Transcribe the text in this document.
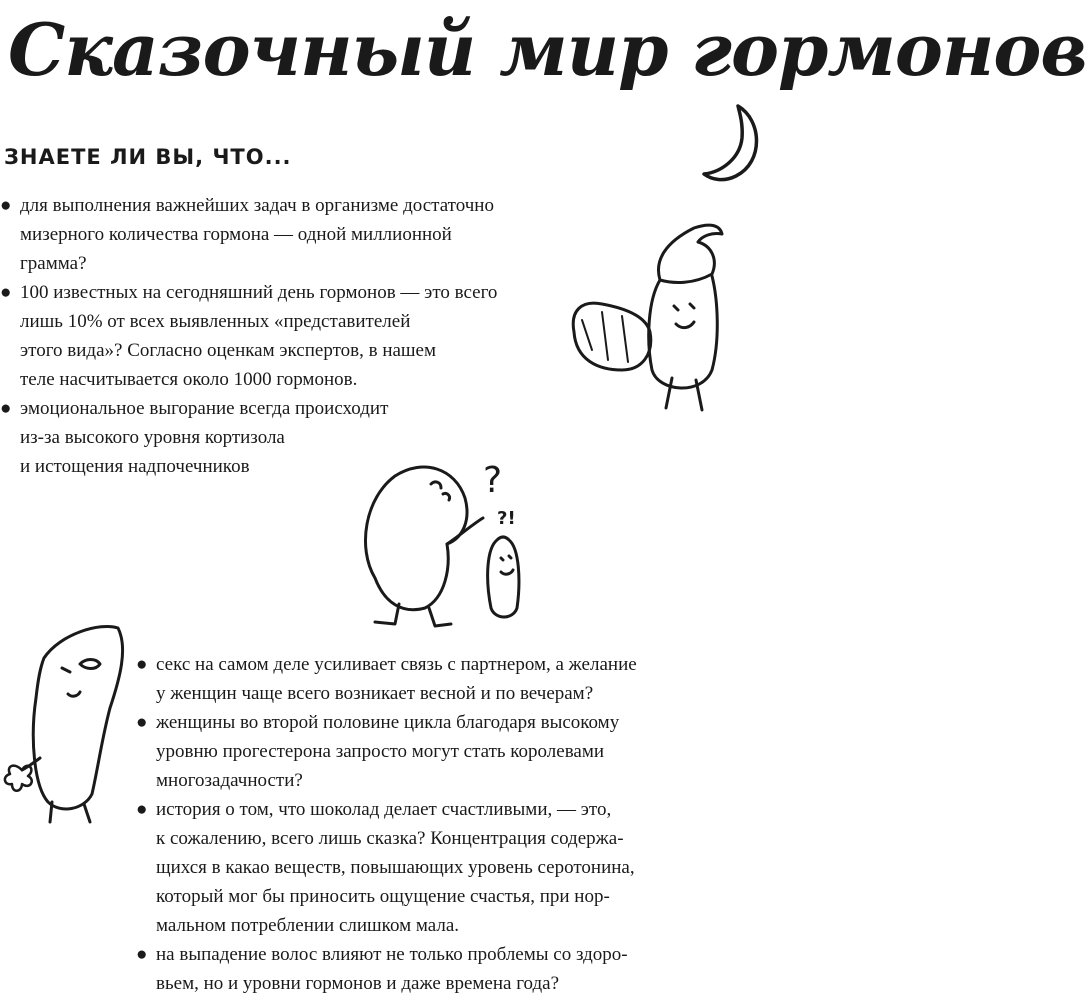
Сказочный мир гормонов
ЗНАЕТЕ ЛИ ВЫ, ЧТО...
● для выполнения важнейших задач в организме достаточно
мизерного количества гормона — одной миллионной
грамма?
● 100 известных на сегодняшний день гормонов — это всего
лишь 10% от всех выявленных «представителей
этого вида»? Согласно оценкам экспертов, в нашем
теле насчитывается около 1000 гормонов.
● эмоциональное выгорание всегда происходит
из-за высокого уровня кортизола
и истощения надпочечников	?
?!
● секс на самом деле усиливает связь с партнером, а желание
у женщин чаще всего возникает весной и по вечерам?
● женщины во второй половине цикла благодаря высокому
уровню прогестерона запросто могут стать королевами
многозадачности?
● история о том, что шоколад делает счастливыми, — это,
к сожалению, всего лишь сказка? Концентрация содержа-
щихся в какао веществ, повышающих уровень серотонина,
который мог бы приносить ощущение счастья, при нор-
мальном потреблении слишком мала.
● на выпадение волос влияют не только проблемы со здоро-
вьем, но и уровни гормонов и даже времена года?
